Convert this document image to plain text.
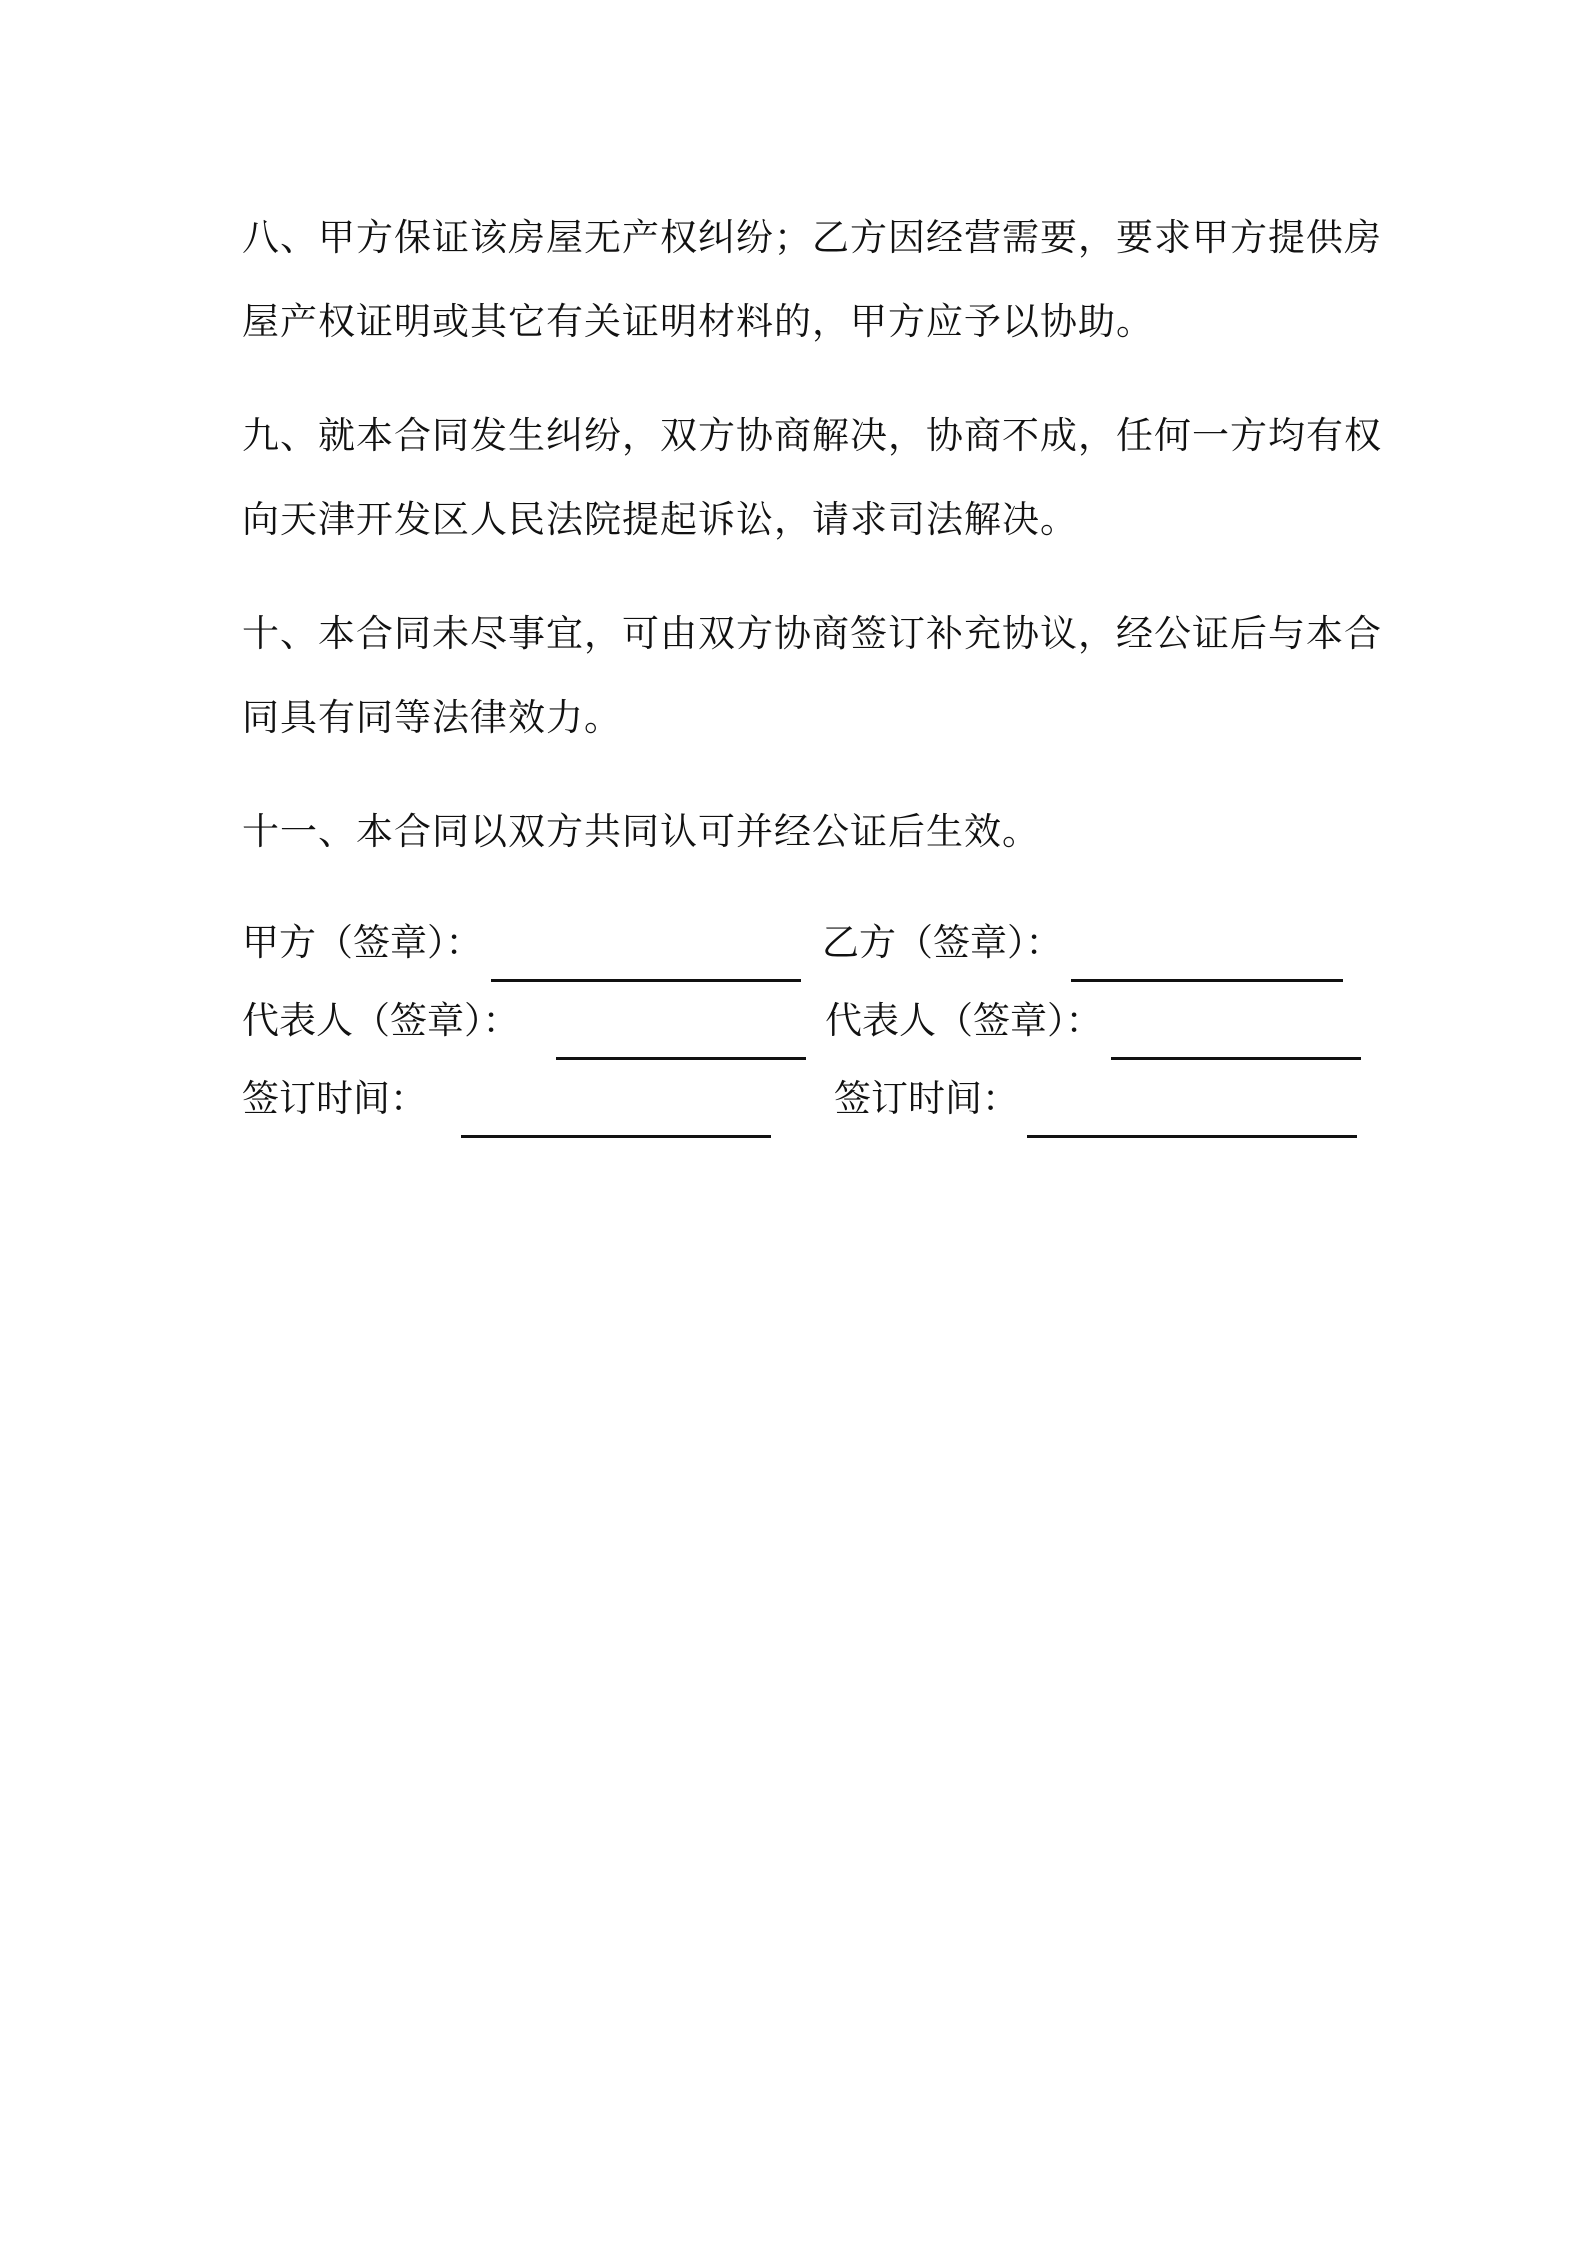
八、甲方保证该房屋无产权纠纷；乙方因经营需要，要求甲方提供房
屋产权证明或其它有关证明材料的，甲方应予以协助。
九、就本合同发生纠纷，双方协商解决，协商不成，任何一方均有权
向天津开发区人民法院提起诉讼，请求司法解决。
十、本合同未尽事宜，可由双方协商签订补充协议，经公证后与本合
同具有同等法律效力。
十一、本合同以双方共同认可并经公证后生效。
甲方（签章）：	乙方（签章）：
代表人（签章）：	代表人（签章）：
签订时间：	签订时间：
